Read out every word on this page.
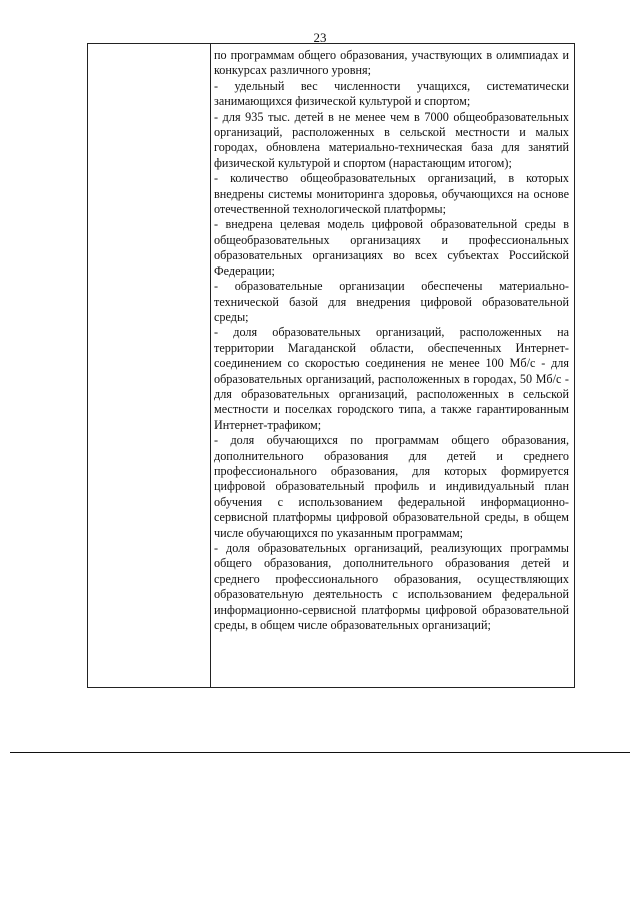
23

по программам общего образования, участвующих в олимпиадах и конкурсах различного уровня;

- удельный вес численности учащихся, систематически занимающихся физической культурой и спортом;

- для 935 тыс. детей в не менее чем в 7000 общеобразовательных организаций, расположенных в сельской местности и малых городах, обновлена материально-техническая база для занятий физической культурой и спортом (нарастающим итогом);

- количество общеобразовательных организаций, в которых внедрены системы мониторинга здоровья, обучающихся на основе отечественной технологической платформы;

- внедрена целевая модель цифровой образовательной среды в общеобразовательных организациях и профессиональных образовательных организациях во всех субъектах Российской Федерации;

- образовательные организации обеспечены материально-технической базой для внедрения цифровой образовательной среды;

- доля образовательных организаций, расположенных на территории Магаданской области, обеспеченных Интернет-соединением со скоростью соединения не менее 100 Мб/с - для образовательных организаций, расположенных в городах, 50 Мб/с - для образовательных организаций, расположенных в сельской местности и поселках городского типа, а также гарантированным Интернет-трафиком;

- доля обучающихся по программам общего образования, дополнительного образования для детей и среднего профессионального образования, для которых формируется цифровой образовательный профиль и индивидуальный план обучения с использованием федеральной информационно-сервисной платформы цифровой образовательной среды, в общем числе обучающихся по указанным программам;

- доля образовательных организаций, реализующих программы общего образования, дополнительного образования детей и среднего профессионального образования, осуществляющих образовательную деятельность с использованием федеральной информационно-сервисной платформы цифровой образовательной среды, в общем числе образовательных организаций;
